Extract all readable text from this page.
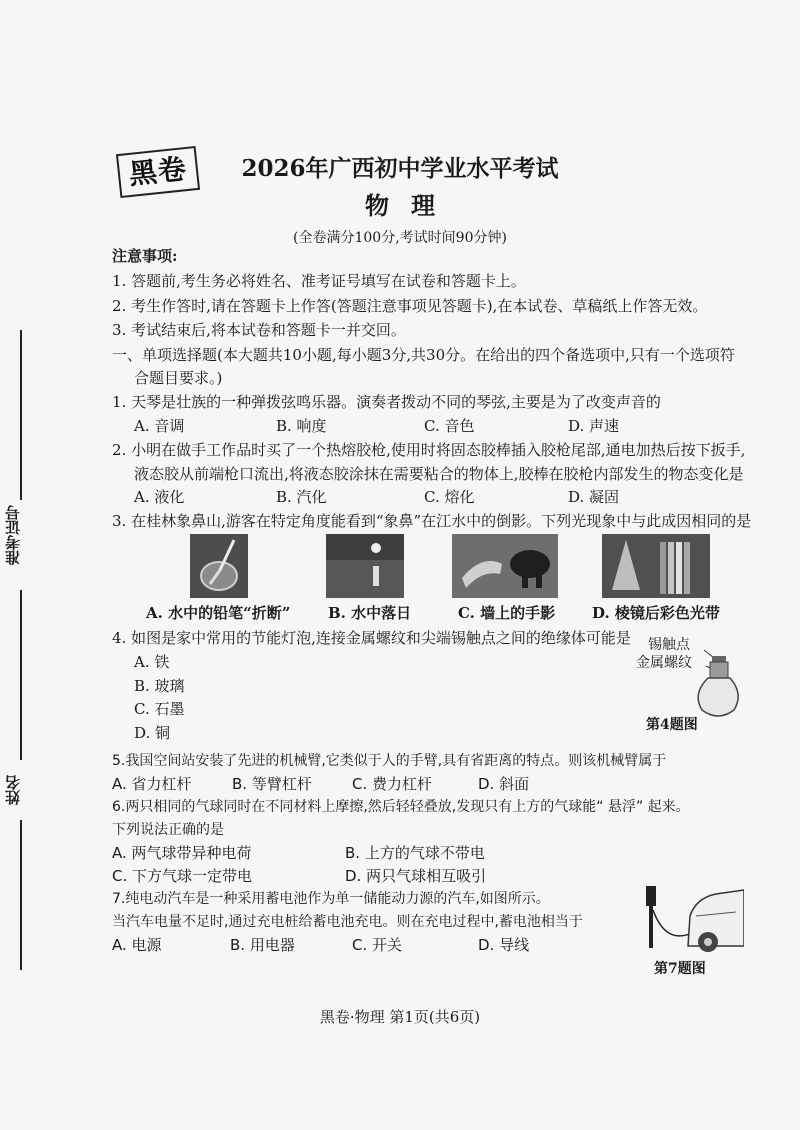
准考证号
姓名
黑卷	2026年广西初中学业水平考试
物理
(全卷满分100分,考试时间90分钟)
注意事项:
1. 答题前,考生务必将姓名、准考证号填写在试卷和答题卡上。
2. 考生作答时,请在答题卡上作答(答题注意事项见答题卡),在本试卷、草稿纸上作答无效。
3. 考试结束后,将本试卷和答题卡一并交回。
一、单项选择题(本大题共10小题,每小题3分,共30分。在给出的四个备选项中,只有一个选项符
合题目要求。)
1. 天琴是壮族的一种弹拨弦鸣乐器。演奏者拨动不同的琴弦,主要是为了改变声音的
A. 音调	B. 响度	C. 音色	D. 声速
2. 小明在做手工作品时买了一个热熔胶枪,使用时将固态胶棒插入胶枪尾部,通电加热后按下扳手,
液态胶从前端枪口流出,将液态胶涂抹在需要粘合的物体上,胶棒在胶枪内部发生的物态变化是
A. 液化	B. 汽化	C. 熔化	D. 凝固
3. 在桂林象鼻山,游客在特定角度能看到“象鼻”在江水中的倒影。下列光现象中与此成因相同的是
A. 水中的铅笔“折断”	B. 水中落日	C. 墙上的手影 D. 棱镜后彩色光带
4. 如图是家中常用的节能灯泡,连接金属螺纹和尖端锡触点之间的绝缘体可能是
A. 铁
B. 玻璃
C. 石墨
D. 铜
锡触点
金属螺纹
第4题图
5.我国空间站安装了先进的机械臂,它类似于人的手臂,具有省距离的特点。则该机械臂属于
A. 省力杠杆	B. 等臂杠杆	C. 费力杠杆	D. 斜面
6.两只相同的气球同时在不同材料上摩擦,然后轻轻叠放,发现只有上方的气球能“ 悬浮” 起来。
下列说法正确的是
A. 两气球带异种电荷	B. 上方的气球不带电
C. 下方气球一定带电	D. 两只气球相互吸引
7.纯电动汽车是一种采用蓄电池作为单一储能动力源的汽车,如图所示。
当汽车电量不足时,通过充电桩给蓄电池充电。则在充电过程中,蓄电池相当于
A. 电源	B. 用电器	C. 开关	D. 导线
第7题图
黑卷·物理 第1页(共6页)
